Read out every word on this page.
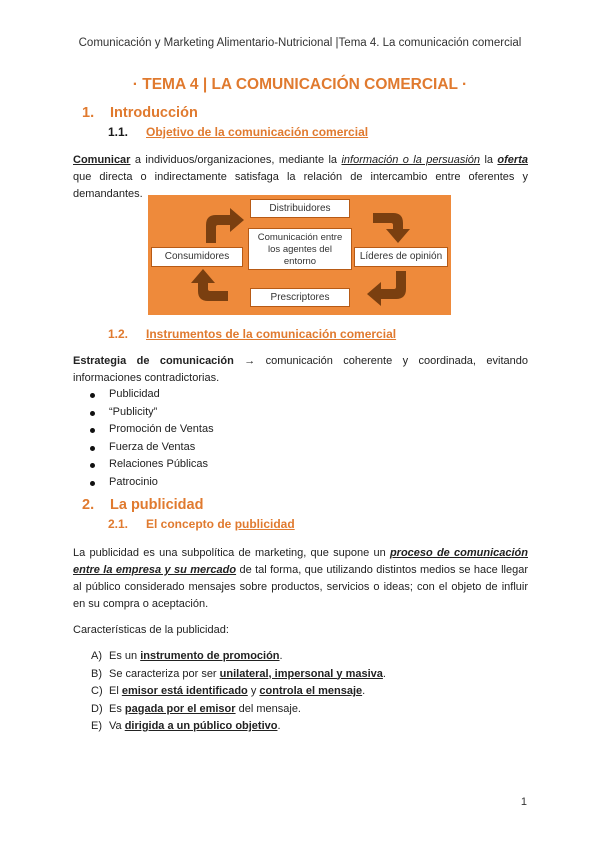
Comunicación y Marketing Alimentario-Nutricional |Tema 4. La comunicación comercial
· TEMA 4 | LA COMUNICACIÓN COMERCIAL ·
1. Introducción
1.1. Objetivo de la comunicación comercial
Comunicar a individuos/organizaciones, mediante la información o la persuasión la oferta que directa o indirectamente satisfaga la relación de intercambio entre oferentes y demandantes.
Distribuidores
Comunicación entre los agentes del entorno
Consumidores	Líderes de opinión
Prescriptores
1.2. Instrumentos de la comunicación comercial
Estrategia de comunicación → comunicación coherente y coordinada, evitando informaciones contradictorias.
Publicidad
“Publicity”
Promoción de Ventas
Fuerza de Ventas
Relaciones Públicas
Patrocinio
2. La publicidad
2.1. El concepto de publicidad
La publicidad es una subpolítica de marketing, que supone un proceso de comunicación entre la empresa y su mercado de tal forma, que utilizando distintos medios se hace llegar al público considerado mensajes sobre productos, servicios o ideas; con el objeto de influir en su compra o aceptación.
Características de la publicidad:
A) Es un instrumento de promoción.
B) Se caracteriza por ser unilateral, impersonal y masiva.
C) El emisor está identificado y controla el mensaje.
D) Es pagada por el emisor del mensaje.
E) Va dirigida a un público objetivo.
1
